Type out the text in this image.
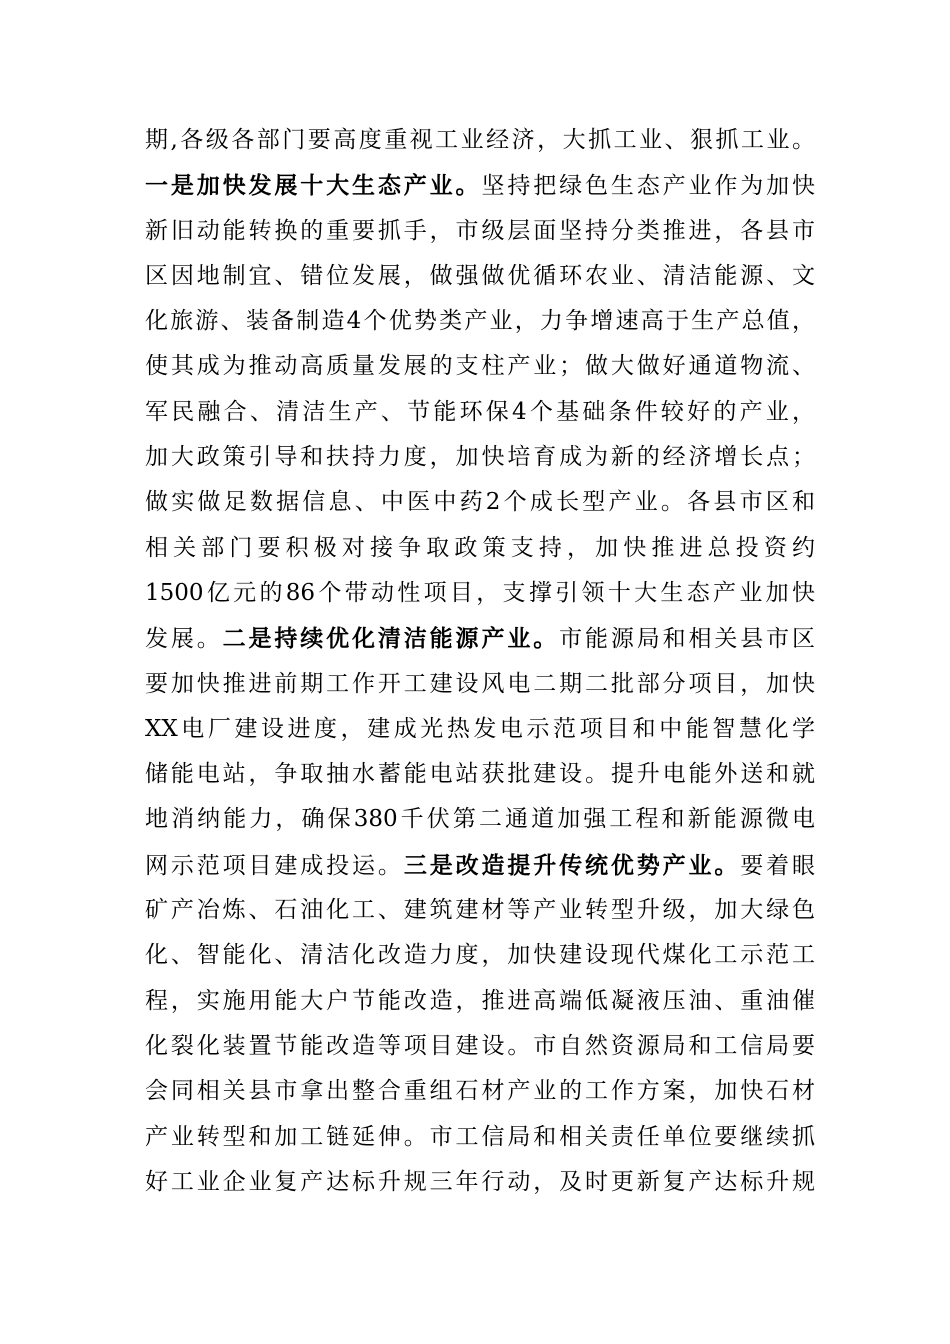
期,各级各部门要高度重视工业经济，大抓工业、狠抓工业。
一是加快发展十大生态产业。坚持把绿色生态产业作为加快
新旧动能转换的重要抓手，市级层面坚持分类推进，各县市
区因地制宜、错位发展，做强做优循环农业、清洁能源、文
化旅游、装备制造4个优势类产业，力争增速高于生产总值，
使其成为推动高质量发展的支柱产业；做大做好通道物流、
军民融合、清洁生产、节能环保4个基础条件较好的产业，
加大政策引导和扶持力度，加快培育成为新的经济增长点；
做实做足数据信息、中医中药2个成长型产业。各县市区和
相关部门要积极对接争取政策支持，加快推进总投资约
1500亿元的86个带动性项目，支撑引领十大生态产业加快
发展。二是持续优化清洁能源产业。市能源局和相关县市区
要加快推进前期工作开工建设风电二期二批部分项目，加快
XX电厂建设进度，建成光热发电示范项目和中能智慧化学
储能电站，争取抽水蓄能电站获批建设。提升电能外送和就
地消纳能力，确保380千伏第二通道加强工程和新能源微电
网示范项目建成投运。三是改造提升传统优势产业。要着眼
矿产冶炼、石油化工、建筑建材等产业转型升级，加大绿色
化、智能化、清洁化改造力度，加快建设现代煤化工示范工
程，实施用能大户节能改造，推进高端低凝液压油、重油催
化裂化装置节能改造等项目建设。市自然资源局和工信局要
会同相关县市拿出整合重组石材产业的工作方案，加快石材
产业转型和加工链延伸。市工信局和相关责任单位要继续抓
好工业企业复产达标升规三年行动，及时更新复产达标升规
